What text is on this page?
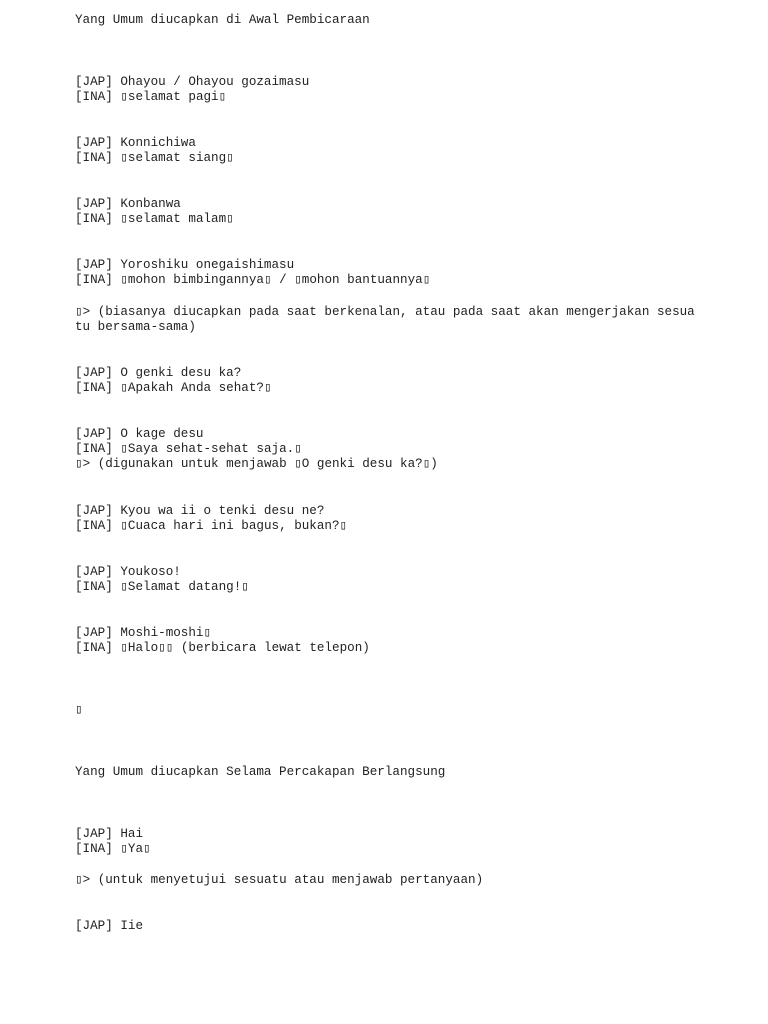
Yang Umum diucapkan di Awal Pembicaraan
[JAP] Ohayou / Ohayou gozaimasu
[INA] ▯selamat pagi▯
[JAP] Konnichiwa
[INA] ▯selamat siang▯
[JAP] Konbanwa
[INA] ▯selamat malam▯
[JAP] Yoroshiku onegaishimasu
[INA] ▯mohon bimbingannya▯ / ▯mohon bantuannya▯
▯> (biasanya diucapkan pada saat berkenalan, atau pada saat akan mengerjakan sesua
tu bersama-sama)
[JAP] O genki desu ka?
[INA] ▯Apakah Anda sehat?▯
[JAP] O kage desu
[INA] ▯Saya sehat-sehat saja.▯
▯> (digunakan untuk menjawab ▯O genki desu ka?▯)
[JAP] Kyou wa ii o tenki desu ne?
[INA] ▯Cuaca hari ini bagus, bukan?▯
[JAP] Youkoso!
[INA] ▯Selamat datang!▯
[JAP] Moshi-moshi▯
[INA] ▯Halo▯▯ (berbicara lewat telepon)
▯
Yang Umum diucapkan Selama Percakapan Berlangsung
[JAP] Hai
[INA] ▯Ya▯
▯> (untuk menyetujui sesuatu atau menjawab pertanyaan)
[JAP] Iie
